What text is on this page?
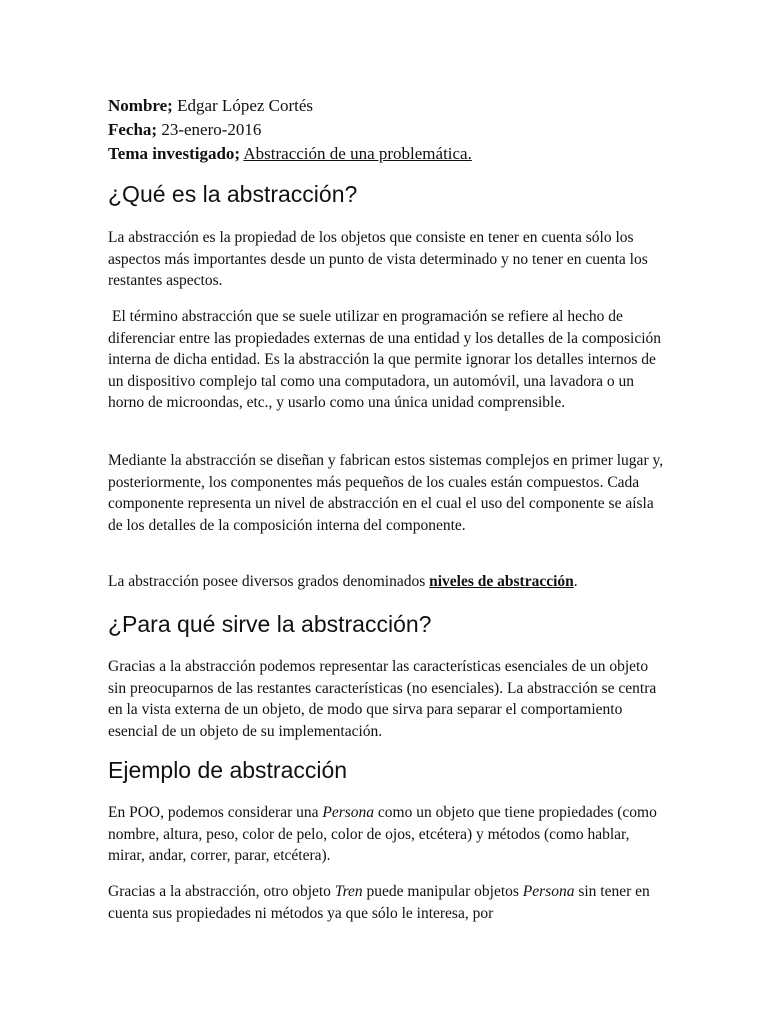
Nombre; Edgar López Cortés
Fecha; 23-enero-2016
Tema investigado; Abstracción de una problemática.
¿Qué es la abstracción?

La abstracción es la propiedad de los objetos que consiste en tener en cuenta sólo los aspectos más importantes desde un punto de vista determinado y no tener en cuenta los restantes aspectos.

El término abstracción que se suele utilizar en programación se refiere al hecho de diferenciar entre las propiedades externas de una entidad y los detalles de la composición interna de dicha entidad. Es la abstracción la que permite ignorar los detalles internos de un dispositivo complejo tal como una computadora, un automóvil, una lavadora o un horno de microondas, etc., y usarlo como una única unidad comprensible.

Mediante la abstracción se diseñan y fabrican estos sistemas complejos en primer lugar y, posteriormente, los componentes más pequeños de los cuales están compuestos. Cada componente representa un nivel de abstracción en el cual el uso del componente se aísla de los detalles de la composición interna del componente.

La abstracción posee diversos grados denominados niveles de abstracción.

¿Para qué sirve la abstracción?

Gracias a la abstracción podemos representar las características esenciales de un objeto sin preocuparnos de las restantes características (no esenciales). La abstracción se centra en la vista externa de un objeto, de modo que sirva para separar el comportamiento esencial de un objeto de su implementación.

Ejemplo de abstracción

En POO, podemos considerar una Persona como un objeto que tiene propiedades (como nombre, altura, peso, color de pelo, color de ojos, etcétera) y métodos (como hablar, mirar, andar, correr, parar, etcétera).

Gracias a la abstracción, otro objeto Tren puede manipular objetos Persona sin tener en cuenta sus propiedades ni métodos ya que sólo le interesa, por
